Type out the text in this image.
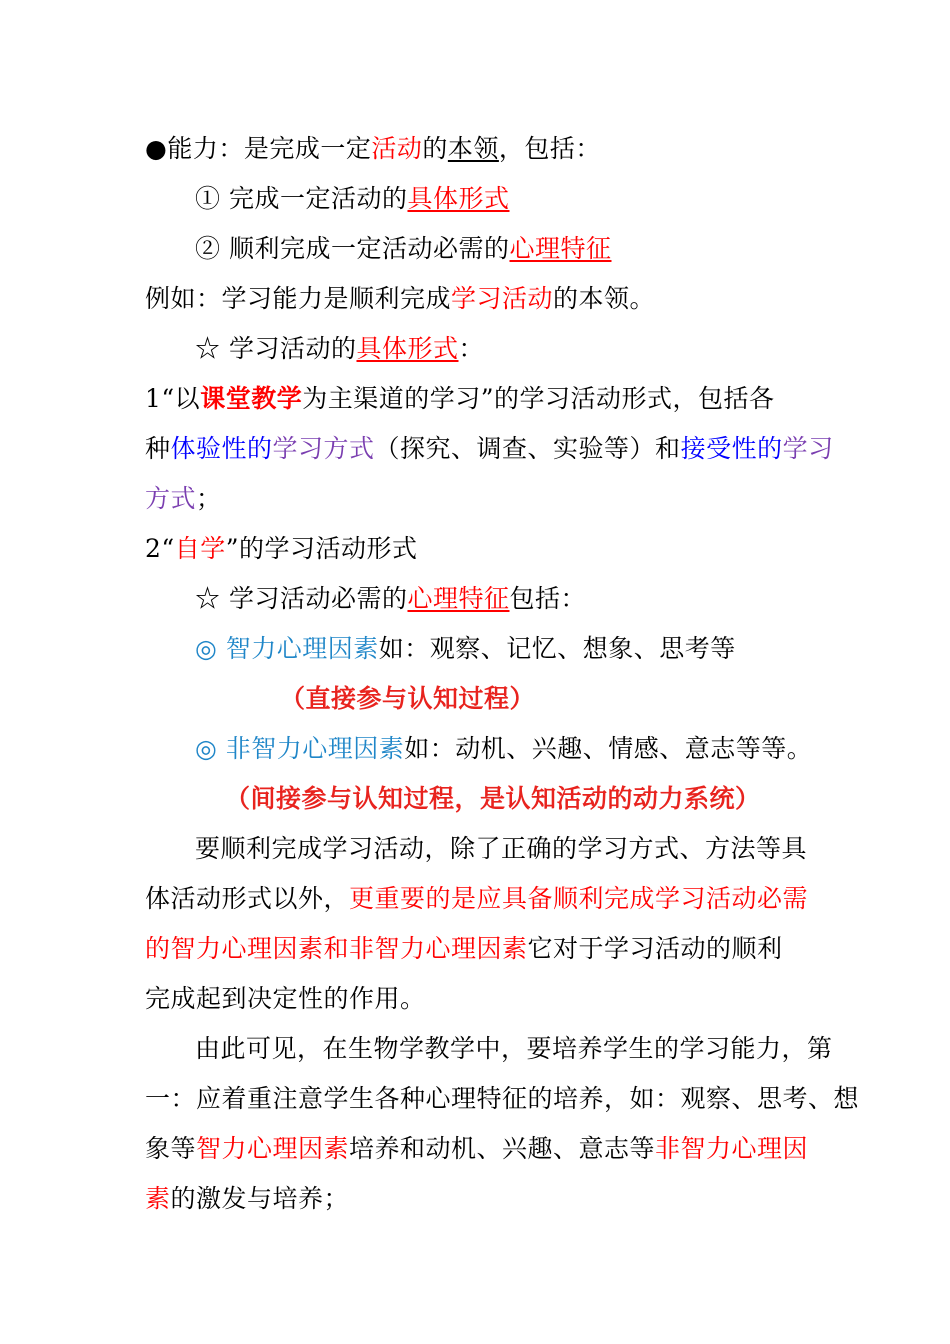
●能力：是完成一定活动的本领，包括：
① 完成一定活动的具体形式
② 顺利完成一定活动必需的心理特征
例如：学习能力是顺利完成学习活动的本领。
☆ 学习活动的具体形式：
1“以课堂教学为主渠道的学习”的学习活动形式，包括各
种体验性的学习方式（探究、调查、实验等）和接受性的学习
方式；
2“自学”的学习活动形式
☆ 学习活动必需的心理特征包括：
◎ 智力心理因素如：观察、记忆、想象、思考等
（直接参与认知过程）
◎ 非智力心理因素如：动机、兴趣、情感、意志等等。
（间接参与认知过程，是认知活动的动力系统）
要顺利完成学习活动，除了正确的学习方式、方法等具
体活动形式以外，更重要的是应具备顺利完成学习活动必需
的智力心理因素和非智力心理因素它对于学习活动的顺利
完成起到决定性的作用。
由此可见，在生物学教学中，要培养学生的学习能力，第
一：应着重注意学生各种心理特征的培养，如：观察、思考、想
象等智力心理因素培养和动机、兴趣、意志等非智力心理因
素的激发与培养；
